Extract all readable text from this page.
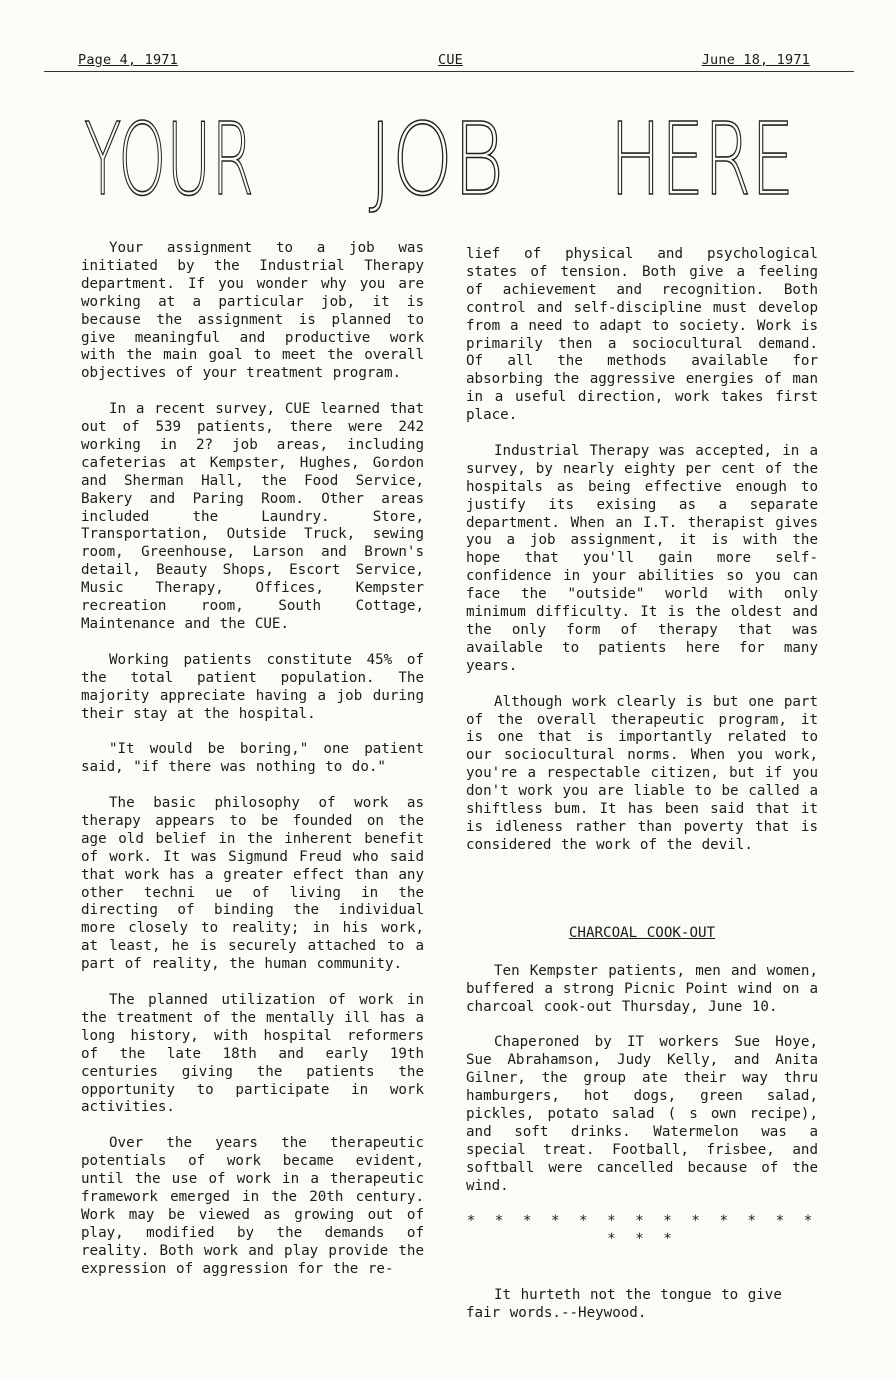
Page 4, 1971	CUE	June 18, 1971
YOUR JOB HERE

Your assignment to a job was initiated by the Industrial Therapy department. If you wonder why you are working at a particular job, it is because the assignment is planned to give meaningful and productive work with the main goal to meet the overall objectives of your treatment program.

In a recent survey, CUE learned that out of 539 patients, there were 242 working in 2? job areas, including cafeterias at Kempster, Hughes, Gordon and Sherman Hall, the Food Service, Bakery and Paring Room. Other areas included the Laundry. Store, Transportation, Outside Truck, sewing room, Greenhouse, Larson and Brown's detail, Beauty Shops, Escort Service, Music Therapy, Offices, Kempster recreation room, South Cottage, Maintenance and the CUE.

Working patients constitute 45% of the total patient population. The majority appreciate having a job during their stay at the hospital.

"It would be boring," one patient said, "if there was nothing to do."

The basic philosophy of work as therapy appears to be founded on the age old belief in the inherent benefit of work. It was Sigmund Freud who said that work has a greater effect than any other techni ue of living in the directing of binding the individual more closely to reality; in his work, at least, he is securely attached to a part of reality, the human community.

The planned utilization of work in the treatment of the mentally ill has a long history, with hospital reformers of the late 18th and early 19th centuries giving the patients the opportunity to participate in work activities.

Over the years the therapeutic potentials of work became evident, until the use of work in a therapeutic framework emerged in the 20th century. Work may be viewed as growing out of play, modified by the demands of reality. Both work and play provide the expression of aggression for the re-

lief of physical and psychological states of tension. Both give a feeling of achievement and recognition. Both control and self-discipline must develop from a need to adapt to society. Work is primarily then a sociocultural demand. Of all the methods available for absorbing the aggressive energies of man in a useful direction, work takes first place.

Industrial Therapy was accepted, in a survey, by nearly eighty per cent of the hospitals as being effective enough to justify its exising as a separate department. When an I.T. therapist gives you a job assignment, it is with the hope that you'll gain more self-confidence in your abilities so you can face the "outside" world with only minimum difficulty. It is the oldest and the only form of therapy that was available to patients here for many years.

Although work clearly is but one part of the overall therapeutic program, it is one that is importantly related to our sociocultural norms. When you work, you're a respectable citizen, but if you don't work you are liable to be called a shiftless bum. It has been said that it is idleness rather than poverty that is considered the work of the devil.

CHARCOAL COOK-OUT

Ten Kempster patients, men and women, buffered a strong Picnic Point wind on a charcoal cook-out Thursday, June 10.

Chaperoned by IT workers Sue Hoye, Sue Abrahamson, Judy Kelly, and Anita Gilner, the group ate their way thru hamburgers, hot dogs, green salad, pickles, potato salad ( s own recipe), and soft drinks. Watermelon was a special treat. Football, frisbee, and softball were cancelled because of the wind.

* * * * * * * * * * * * * * * *

It hurteth not the tongue to give fair words.--Heywood.
